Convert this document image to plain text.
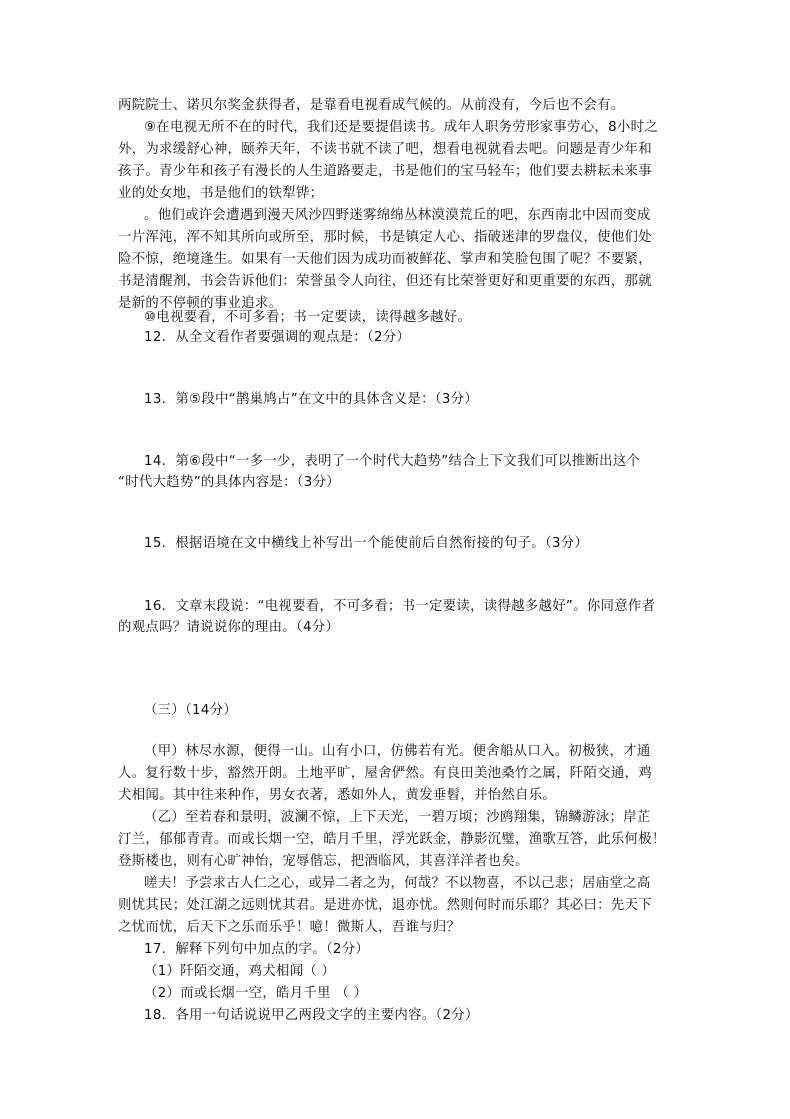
两院院士、诺贝尔奖金获得者，是靠看电视看成气候的。从前没有，今后也不会有。
⑨在电视无所不在的时代，我们还是要提倡读书。成年人职务劳形家事劳心，8小时之
外，为求缓舒心神，颐养天年，不读书就不读了吧，想看电视就看去吧。问题是青少年和
孩子。青少年和孩子有漫长的人生道路要走，书是他们的宝马轻车；他们要去耕耘未来事
业的处女地，书是他们的铁犁铧；
。他们或许会遭遇到漫天风沙四野迷雾绵绵丛林漠漠荒丘的吧，东西南北中因而变成
一片浑沌，浑不知其所向或所至，那时候，书是镇定人心、指破迷津的罗盘仪，使他们处
险不惊，绝境逢生。如果有一天他们因为成功而被鲜花、掌声和笑脸包围了呢？不要紧，
书是清醒剂，书会告诉他们：荣誉虽令人向往，但还有比荣誉更好和更重要的东西，那就
是新的不停顿的事业追求。
⑩电视要看，不可多看；书一定要读，读得越多越好。
12．从全文看作者要强调的观点是：（2分）
13．第⑤段中“鹊巢鸠占”在文中的具体含义是：（3分）
14．第⑥段中“一多一少，表明了一个时代大趋势”结合上下文我们可以推断出这个
“时代大趋势”的具体内容是：（3分）
15．根据语境在文中横线上补写出一个能使前后自然衔接的句子。（3分）
16．文章末段说：“电视要看，不可多看；书一定要读，读得越多越好”。你同意作者
的观点吗？请说说你的理由。（4分）
（三）（14分）
（甲）林尽水源，便得一山。山有小口，仿佛若有光。便舍船从口入。初极狭，才通
人。复行数十步，豁然开朗。土地平旷，屋舍俨然。有良田美池桑竹之属，阡陌交通，鸡
犬相闻。其中往来种作，男女衣著，悉如外人，黄发垂髫，并怡然自乐。
（乙）至若春和景明，波澜不惊，上下天光，一碧万顷；沙鸥翔集，锦鳞游泳；岸芷
汀兰，郁郁青青。而或长烟一空，皓月千里，浮光跃金，静影沉璧，渔歌互答，此乐何极！
登斯楼也，则有心旷神怡，宠辱偕忘，把酒临风，其喜洋洋者也矣。
嗟夫！予尝求古人仁之心，或异二者之为，何哉？不以物喜，不以己悲；居庙堂之高
则忧其民；处江湖之远则忧其君。是进亦忧，退亦忧。然则何时而乐耶？其必曰：先天下
之忧而忧，后天下之乐而乐乎！噫！微斯人，吾谁与归？
17．解释下列句中加点的字。（2分）
（1）阡陌交通，鸡犬相闻（ ）
（2）而或长烟一空，皓月千里 （ ）
18．各用一句话说说甲乙两段文字的主要内容。（2分）
